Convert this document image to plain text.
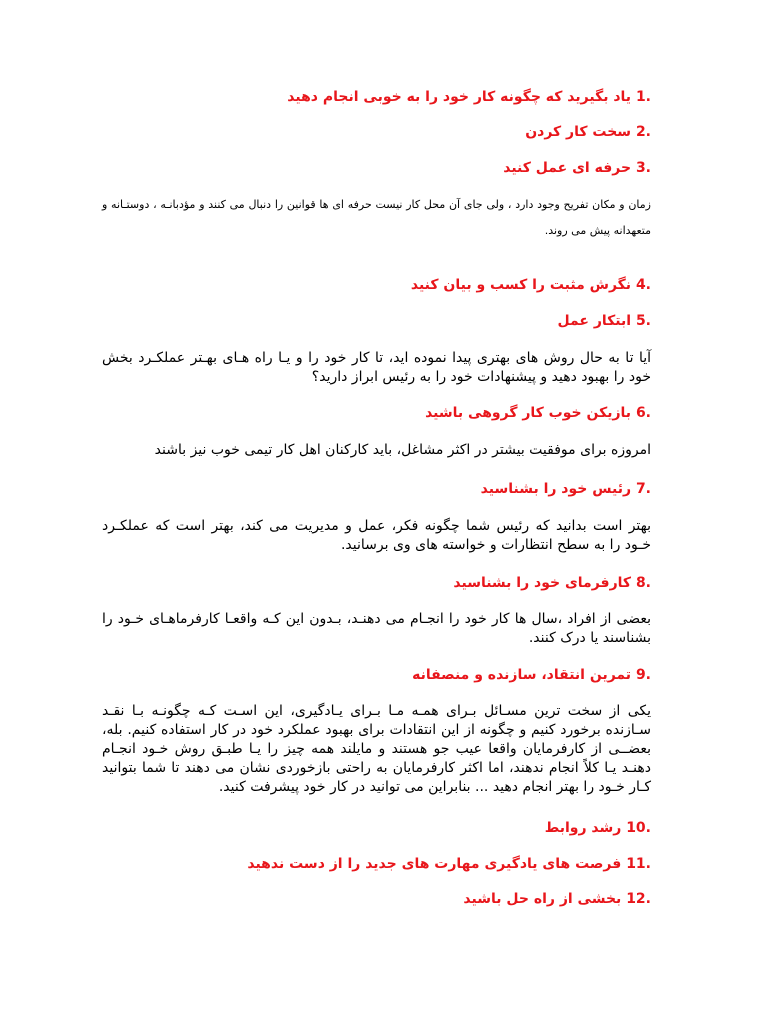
1. یاد بگیرید که چگونه کار خود را به خوبی انجام دهید
2. سخت کار کردن
3. حرفه ای عمل کنید
زمان و مکان تفریح وجود دارد ، ولی جای آن محل کار نیست حرفه ای ها قوانین را دنبال می کنند و مؤدبانـه ، دوستـانه و متعهدانه پیش می روند.
4. نگرش مثبت را کسب و بیان کنید
5. ابتکار عمل
آیا تا به حال روش های بهتری پیدا نموده اید، تا کار خود را و یـا راه هـای بهـتر عملکـرد بخش خود را بهبود دهید و پیشنهادات خود را به رئیس ابراز دارید؟
6. بازیکن خوب کار گروهی باشید
امروزه برای موفقیت بیشتر در اکثر مشاغل، باید کارکنان اهل کار تیمی خوب نیز باشند
7. رئیس خود را بشناسید
بهتر است بدانید که رئیس شما چگونه فکر، عمل و مدیریت می کند، بهتر است که عملکـرد خـود را به سطح انتظارات و خواسته های وی برسانید.
8. کارفرمای خود را بشناسید
بعضی از افراد ،سال ها کار خود را انجـام می دهنـد، بـدون این کـه واقعـا کارفرماهـای خـود را بشناسند یا درک کنند.
9. تمرین انتقاد، سازنده و منصفانه
یکی از سخت ترین مسـائل بـرای همـه مـا بـرای یـادگیری، این اسـت کـه چگونـه بـا نقـد سـازنده برخورد کنیم و چگونه از این انتقادات برای بهبود عملکرد خود در کار استفاده کنیم. بله، بعضــی از کارفرمایان واقعا عیب جو هستند و مایلند همه چیز را یـا طبـق روش خـود انجـام دهنـد یـا کلاً انجام ندهند، اما اکثر کارفرمایان به راحتی بازخوردی نشان می دهند تا شما بتوانید کـار خـود را بهتر انجام دهید ... بنابراین می توانید در کار خود پیشرفت کنید.
10. رشد روابط
11. فرصت های یادگیری مهارت های جدید را از دست ندهید
12. بخشی از راه حل باشید
